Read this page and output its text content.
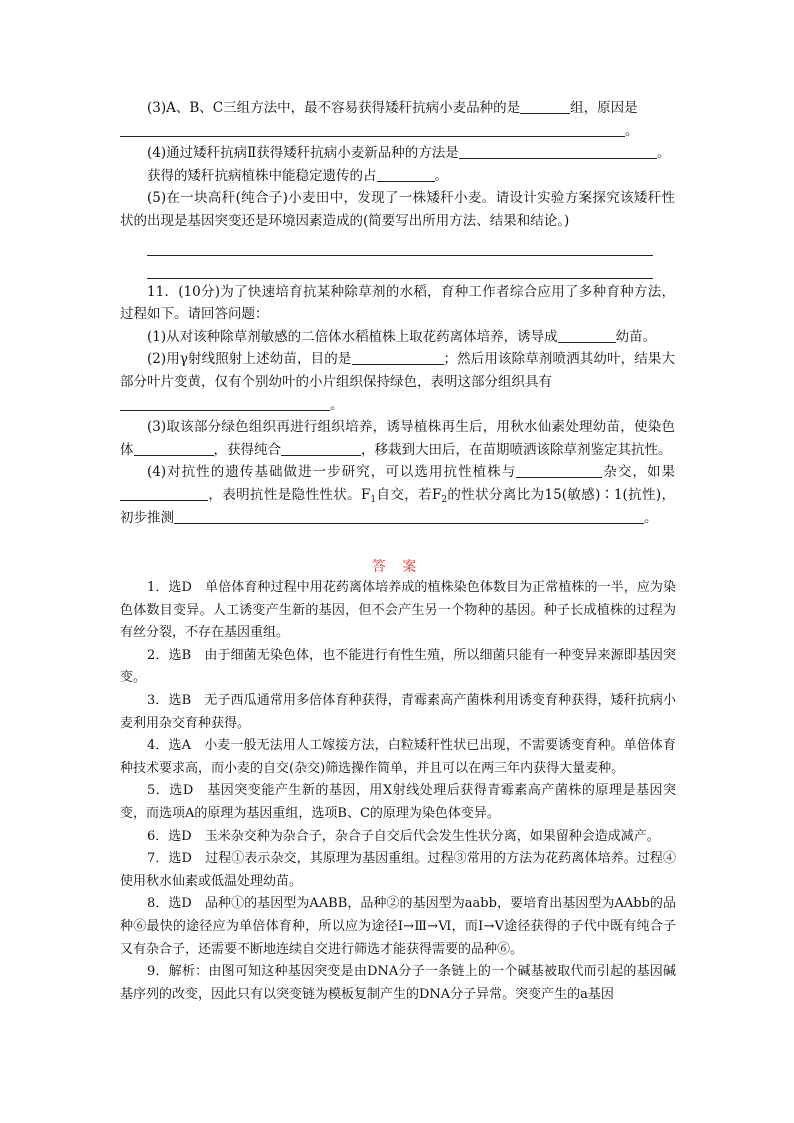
(3)A、B、C三组方法中，最不容易获得矮秆抗病小麦品种的是	组，原因是

。

(4)通过矮秆抗病Ⅱ获得矮秆抗病小麦新品种的方法是	。

获得的矮秆抗病植株中能稳定遗传的占	。

(5)在一块高秆(纯合子)小麦田中，发现了一株矮秆小麦。请设计实验方案探究该矮秆性状的出现是基因突变还是环境因素造成的(简要写出所用方法、结果和结论。)

11．(10分)为了快速培育抗某种除草剂的水稻，育种工作者综合应用了多种育种方法，过程如下。请回答问题：

(1)从对该种除草剂敏感的二倍体水稻植株上取花药离体培养，诱导成	幼苗。

(2)用γ射线照射上述幼苗，目的是	；然后用该除草剂喷洒其幼叶，结果大部分叶片变黄，仅有个别幼叶的小片组织保持绿色，表明这部分组织具有

。

(3)取该部分绿色组织再进行组织培养，诱导植株再生后，用秋水仙素处理幼苗，使染色体	，获得纯合	，移栽到大田后，在苗期喷洒该除草剂鉴定其抗性。

(4)对抗性的遗传基础做进一步研究，可以选用抗性植株与	杂交，如果，表明抗性是隐性性状。$F_1$自交，若$F_2$的性状分离比为15(敏感)∶1(抗性)，初步推测	。

答 案

1．选D　单倍体育种过程中用花药离体培养成的植株染色体数目为正常植株的一半，应为染色体数目变异。人工诱变产生新的基因，但不会产生另一个物种的基因。种子长成植株的过程为有丝分裂，不存在基因重组。

2．选B　由于细菌无染色体，也不能进行有性生殖，所以细菌只能有一种变异来源即基因突变。

3．选B　无子西瓜通常用多倍体育种获得，青霉素高产菌株利用诱变育种获得，矮秆抗病小麦利用杂交育种获得。

4．选A　小麦一般无法用人工嫁接方法，白粒矮秆性状已出现，不需要诱变育种。单倍体育种技术要求高，而小麦的自交(杂交)筛选操作简单，并且可以在两三年内获得大量麦种。

5．选D　基因突变能产生新的基因，用X射线处理后获得青霉素高产菌株的原理是基因突变，而选项A的原理为基因重组，选项B、C的原理为染色体变异。

6．选D　玉米杂交种为杂合子，杂合子自交后代会发生性状分离，如果留种会造成减产。

7．选D　过程①表示杂交，其原理为基因重组。过程③常用的方法为花药离体培养。过程④使用秋水仙素或低温处理幼苗。

8．选D　品种①的基因型为AABB，品种②的基因型为aabb，要培育出基因型为AAbb的品种⑥最快的途径应为单倍体育种，所以应为途径Ⅰ→Ⅲ→Ⅵ，而Ⅰ→Ⅴ途径获得的子代中既有纯合子又有杂合子，还需要不断地连续自交进行筛选才能获得需要的品种⑥。

9．解析：由图可知这种基因突变是由DNA分子一条链上的一个碱基被取代而引起的基因碱基序列的改变，因此只有以突变链为模板复制产生的DNA分子异常。突变产生的a基因
